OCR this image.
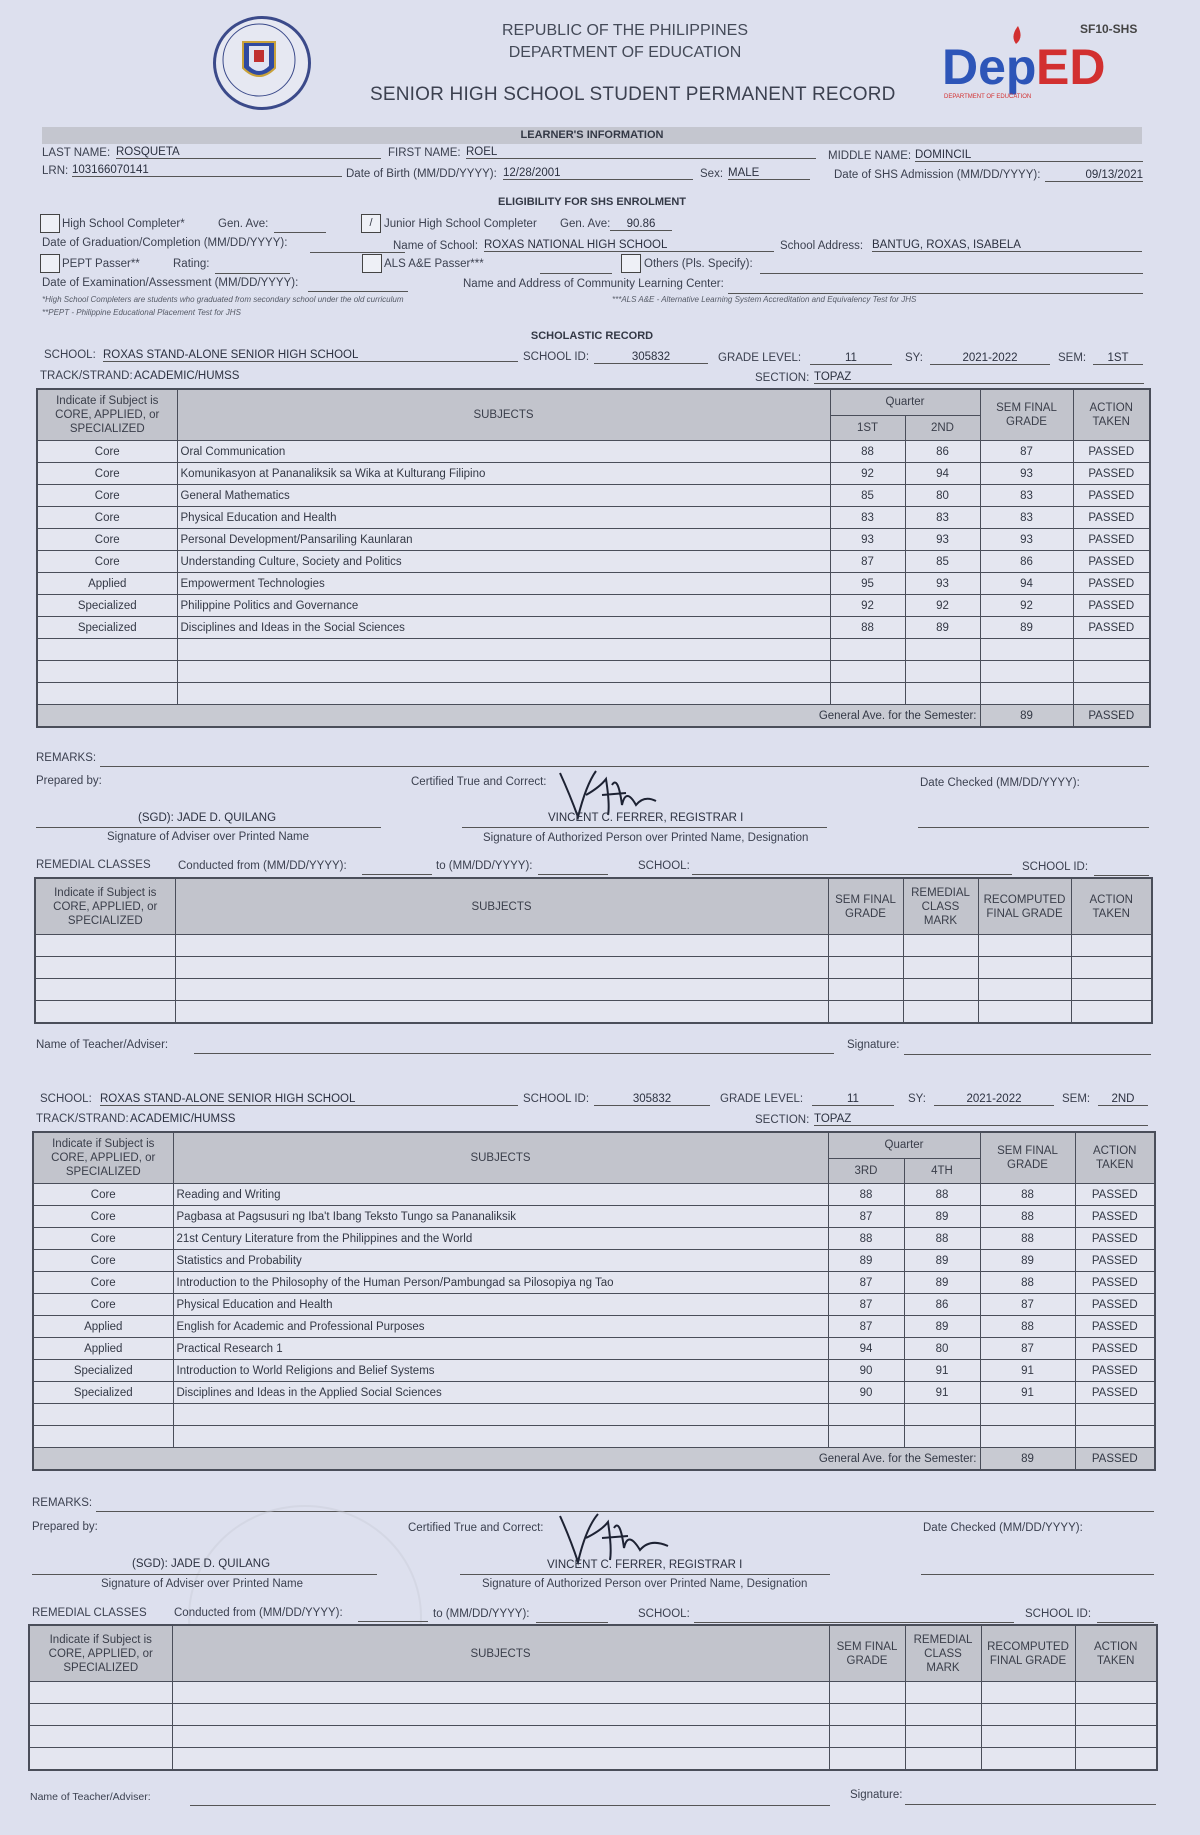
REPUBLIC OF THE PHILIPPINES
DEPARTMENT OF EDUCATION
SENIOR HIGH SCHOOL STUDENT PERMANENT RECORD
SF10-SHS
Dep ED
DEPARTMENT OF EDUCATION
LEARNER'S INFORMATION
LAST NAME: ROSQUETA	FIRST NAME: ROEL	MIDDLE NAME: DOMINCIL
LRN: 103166070141	Date of Birth (MM/DD/YYYY): 12/28/2001	Sex: MALE	Date of SHS Admission (MM/DD/YYYY):	09/13/2021
ELIGIBILITY FOR SHS ENROLMENT
High School Completer*	Gen. Ave:	/ Junior High School Completer Gen. Ave:	90.86
Date of Graduation/Completion (MM/DD/YYYY):	Name of School: ROXAS NATIONAL HIGH SCHOOL	School Address: BANTUG, ROXAS, ISABELA
PEPT Passer**	Rating:	ALS A&E Passer***	Others (Pls. Specify):
Date of Examination/Assessment (MM/DD/YYYY):	Name and Address of Community Learning Center:
*High School Completers are students who graduated from secondary school under the old curriculum	***ALS A&E - Alternative Learning System Accreditation and Equivalency Test for JHS
**PEPT - Philippine Educational Placement Test for JHS
SCHOLASTIC RECORD
SCHOOL: ROXAS STAND-ALONE SENIOR HIGH SCHOOL	SCHOOL ID:	305832	GRADE LEVEL:	11	SY:	2021-2022	SEM:	1ST
TRACK/STRAND: ACADEMIC/HUMSS	SECTION: TOPAZ
Indicate if Subject is CORE, APPLIED, or SPECIALIZED	SUBJECTS	Quarter		SEM FINAL GRADE	ACTION TAKEN
		1ST	2ND		
Core	Oral Communication	88	86	87	PASSED
Core	Komunikasyon at Pananaliksik sa Wika at Kulturang Filipino	92	94	93	PASSED
Core	General Mathematics	85	80	83	PASSED
Core	Physical Education and Health	83	83	83	PASSED
Core	Personal Development/Pansariling Kaunlaran	93	93	93	PASSED
Core	Understanding Culture, Society and Politics	87	85	86	PASSED
Applied	Empowerment Technologies	95	93	94	PASSED
Specialized	Philippine Politics and Governance	92	92	92	PASSED
Specialized	Disciplines and Ideas in the Social Sciences	88	89	89	PASSED

General Ave. for the Semester:				89	PASSED
REMARKS:
Prepared by:	Certified True and Correct:	Date Checked (MM/DD/YYYY):
(SGD): JADE D. QUILANG	VINCENT C. FERRER, REGISTRAR I
Signature of Adviser over Printed Name	Signature of Authorized Person over Printed Name, Designation
REMEDIAL CLASSES Conducted from (MM/DD/YYYY):	to (MM/DD/YYYY):	SCHOOL:	SCHOOL ID:
Indicate if Subject is CORE, APPLIED, or SPECIALIZED	SUBJECTS	SEM FINAL GRADE	REMEDIAL CLASS MARK	RECOMPUTED FINAL GRADE	ACTION TAKEN

Name of Teacher/Adviser:	Signature:
SCHOOL: ROXAS STAND-ALONE SENIOR HIGH SCHOOL	SCHOOL ID:	305832	GRADE LEVEL:	11	SY:	2021-2022	SEM:	2ND
TRACK/STRAND: ACADEMIC/HUMSS	SECTION: TOPAZ
Indicate if Subject is CORE, APPLIED, or SPECIALIZED	SUBJECTS	Quarter		SEM FINAL GRADE	ACTION TAKEN
		3RD	4TH		
Core	Reading and Writing	88	88	88	PASSED
Core	Pagbasa at Pagsusuri ng Iba't Ibang Teksto Tungo sa Pananaliksik	87	89	88	PASSED
Core	21st Century Literature from the Philippines and the World	88	88	88	PASSED
Core	Statistics and Probability	89	89	89	PASSED
Core	Introduction to the Philosophy of the Human Person/Pambungad sa Pilosopiya ng Tao	87	89	88	PASSED
Core	Physical Education and Health	87	86	87	PASSED
Applied	English for Academic and Professional Purposes	87	89	88	PASSED
Applied	Practical Research 1	94	80	87	PASSED
Specialized	Introduction to World Religions and Belief Systems	90	91	91	PASSED
Specialized	Disciplines and Ideas in the Applied Social Sciences	90	91	91	PASSED

General Ave. for the Semester:				89	PASSED
REMARKS:
Prepared by:	Certified True and Correct:	Date Checked (MM/DD/YYYY):
(SGD): JADE D. QUILANG	VINCENT C. FERRER, REGISTRAR I
Signature of Adviser over Printed Name	Signature of Authorized Person over Printed Name, Designation
REMEDIAL CLASSES Conducted from (MM/DD/YYYY):	to (MM/DD/YYYY):	SCHOOL:	SCHOOL ID:
Indicate if Subject is CORE, APPLIED, or SPECIALIZED	SUBJECTS	SEM FINAL GRADE	REMEDIAL CLASS MARK	RECOMPUTED FINAL GRADE	ACTION TAKEN

Name of Teacher/Adviser:	Signature:
